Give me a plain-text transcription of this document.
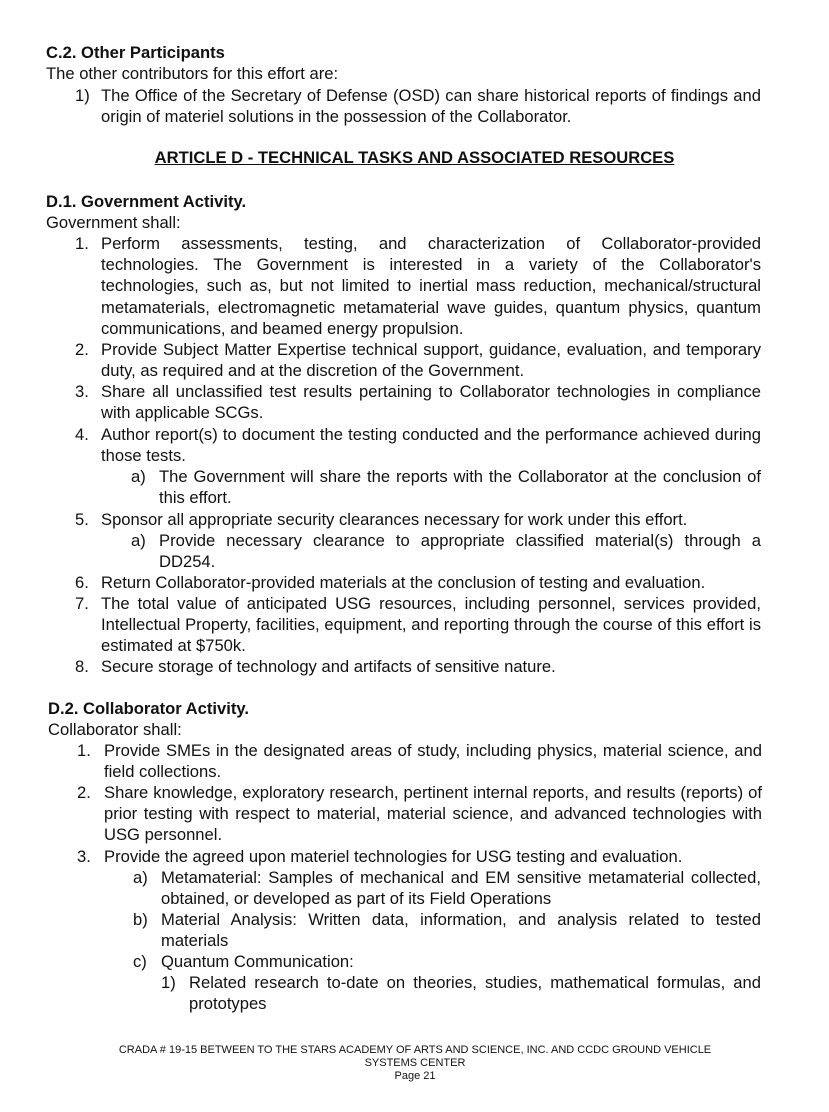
C.2. Other Participants
The other contributors for this effort are:
1) The Office of the Secretary of Defense (OSD) can share historical reports of findings and origin of materiel solutions in the possession of the Collaborator.
ARTICLE D - TECHNICAL TASKS AND ASSOCIATED RESOURCES
D.1. Government Activity.
Government shall:
1. Perform assessments, testing, and characterization of Collaborator-provided technologies. The Government is interested in a variety of the Collaborator's technologies, such as, but not limited to inertial mass reduction, mechanical/structural metamaterials, electromagnetic metamaterial wave guides, quantum physics, quantum communications, and beamed energy propulsion.
2. Provide Subject Matter Expertise technical support, guidance, evaluation, and temporary duty, as required and at the discretion of the Government.
3. Share all unclassified test results pertaining to Collaborator technologies in compliance with applicable SCGs.
4. Author report(s) to document the testing conducted and the performance achieved during those tests.
a) The Government will share the reports with the Collaborator at the conclusion of this effort.
5. Sponsor all appropriate security clearances necessary for work under this effort.
a) Provide necessary clearance to appropriate classified material(s) through a DD254.
6. Return Collaborator-provided materials at the conclusion of testing and evaluation.
7. The total value of anticipated USG resources, including personnel, services provided, Intellectual Property, facilities, equipment, and reporting through the course of this effort is estimated at $750k.
8. Secure storage of technology and artifacts of sensitive nature.
D.2. Collaborator Activity.
Collaborator shall:
1. Provide SMEs in the designated areas of study, including physics, material science, and field collections.
2. Share knowledge, exploratory research, pertinent internal reports, and results (reports) of prior testing with respect to material, material science, and advanced technologies with USG personnel.
3. Provide the agreed upon materiel technologies for USG testing and evaluation.
a) Metamaterial: Samples of mechanical and EM sensitive metamaterial collected, obtained, or developed as part of its Field Operations
b) Material Analysis: Written data, information, and analysis related to tested materials
c) Quantum Communication:
1) Related research to-date on theories, studies, mathematical formulas, and prototypes
CRADA # 19-15 BETWEEN TO THE STARS ACADEMY OF ARTS AND SCIENCE, INC. AND CCDC GROUND VEHICLE
SYSTEMS CENTER
Page 21
